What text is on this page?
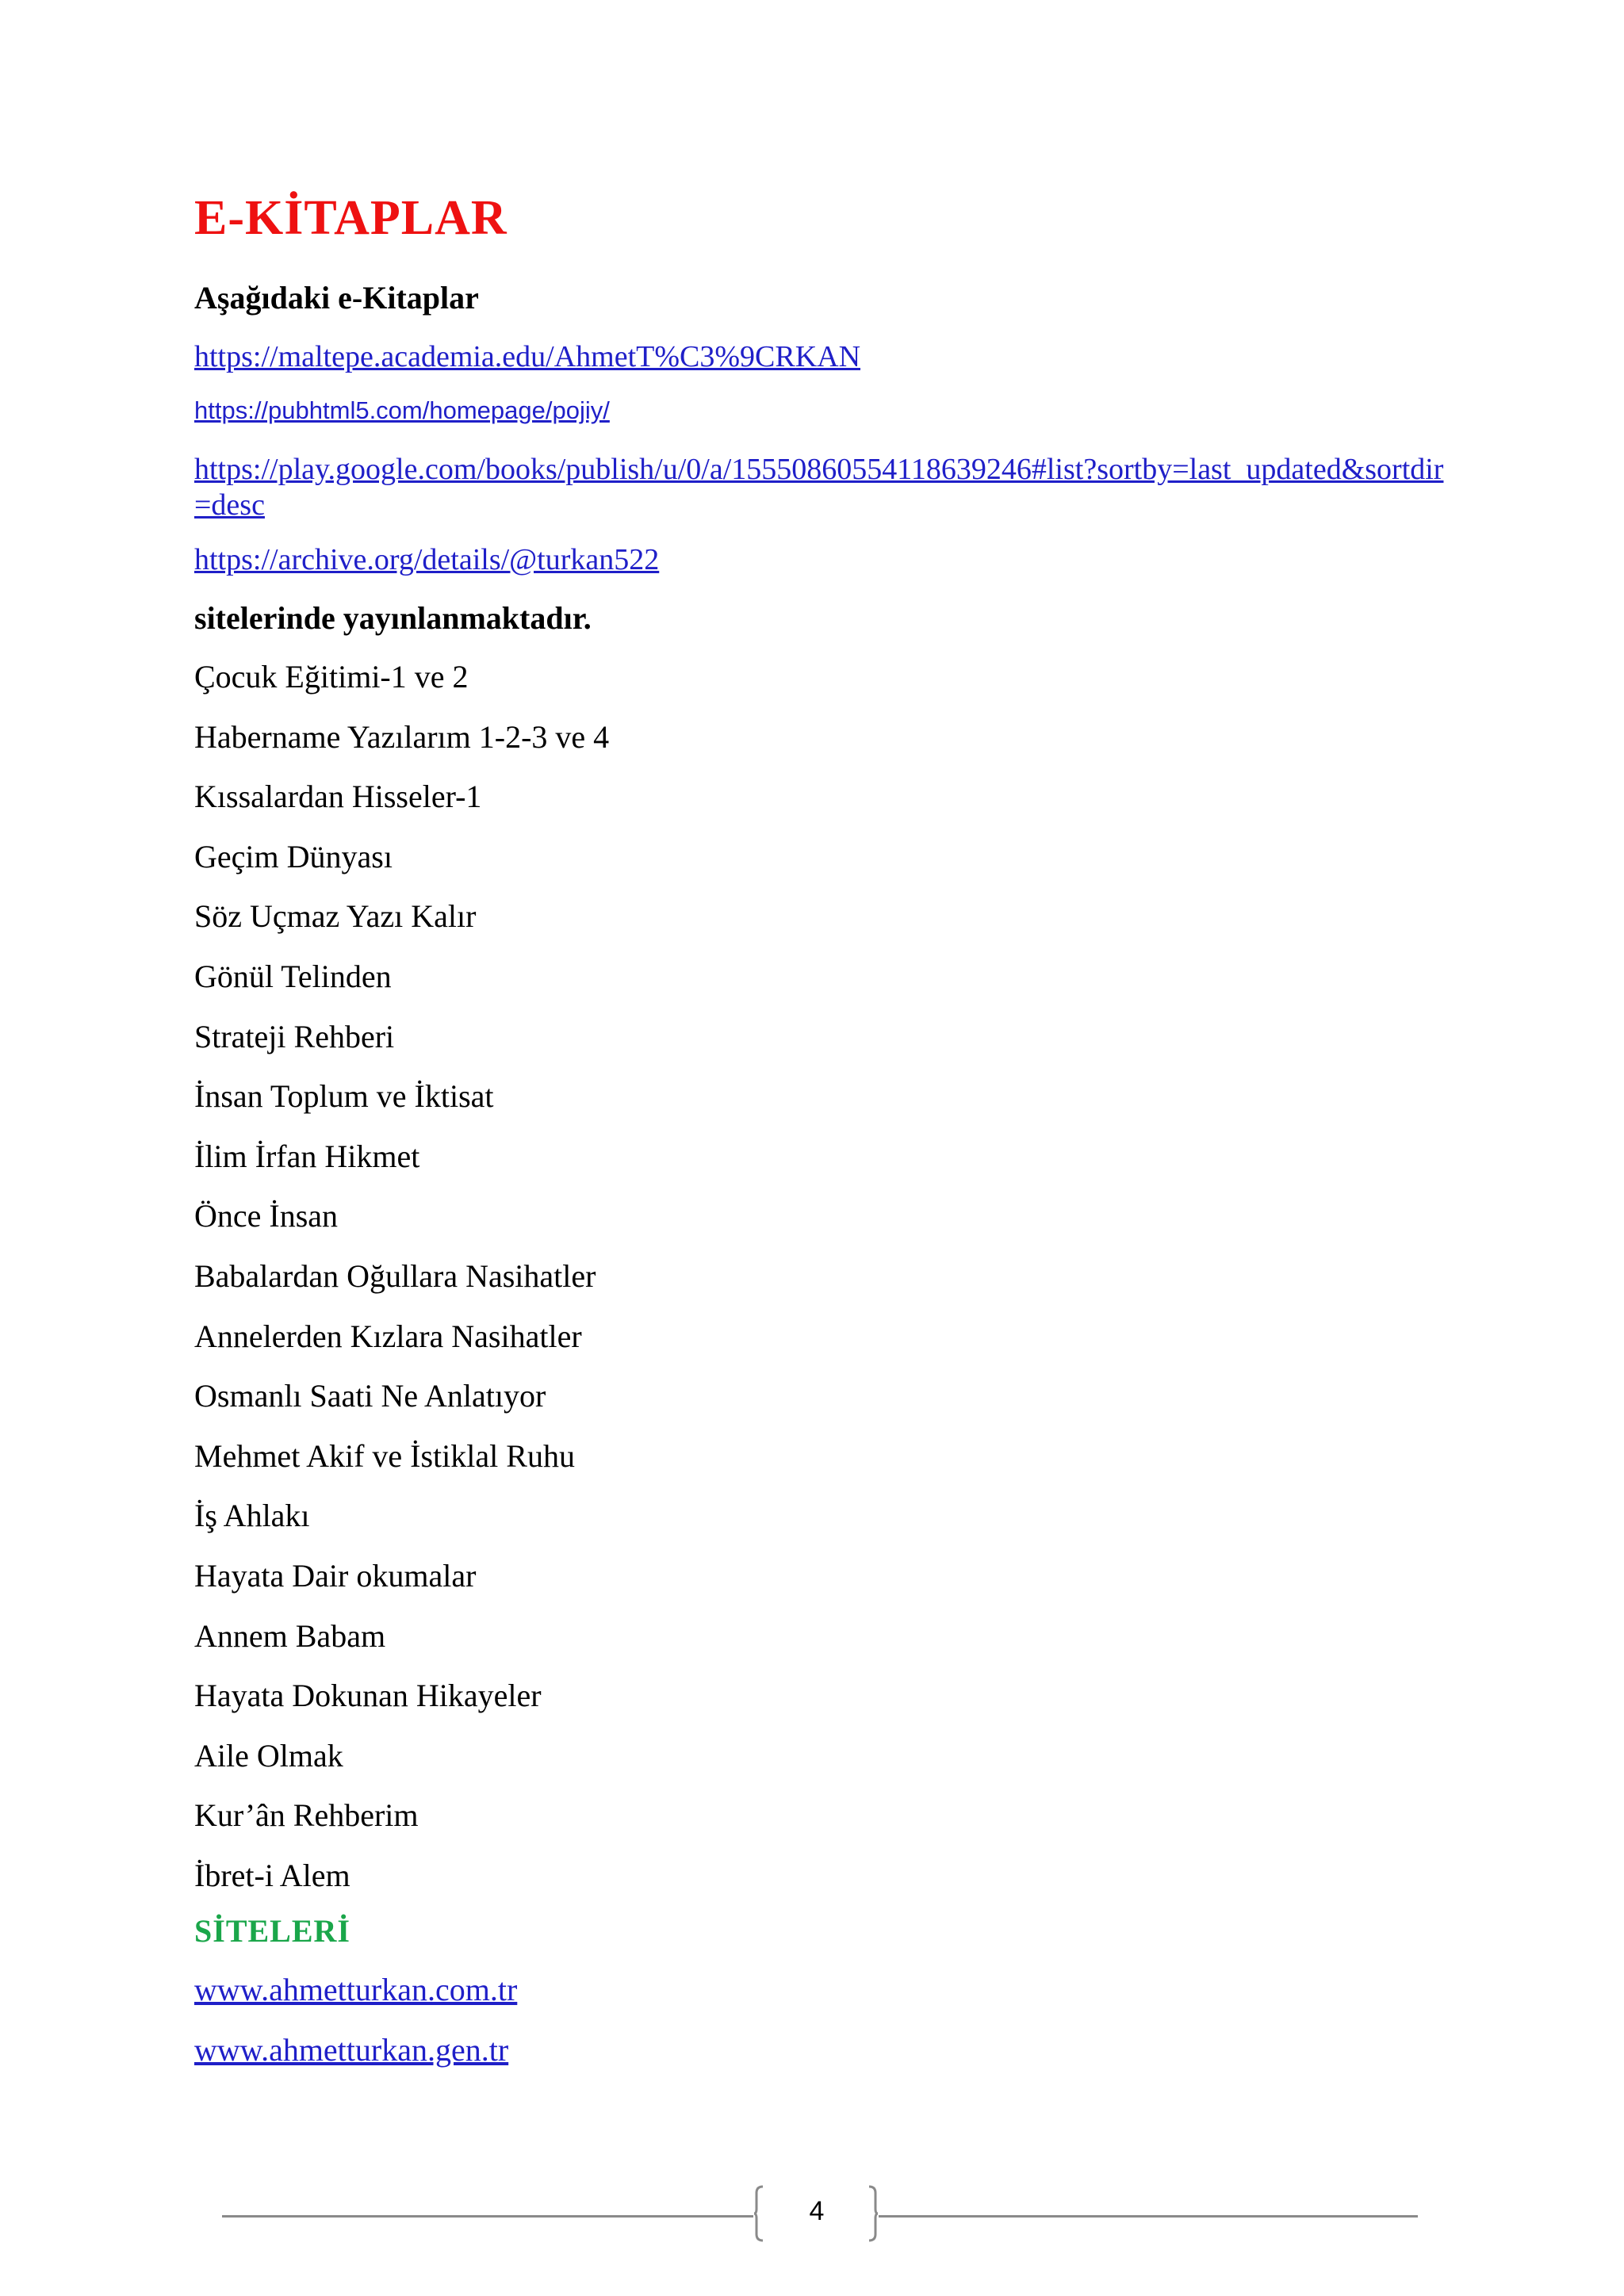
E-KİTAPLAR

Aşağıdaki e-Kitaplar

https://maltepe.academia.edu/AhmetT%C3%9CRKAN
https://pubhtml5.com/homepage/pojiy/
https://play.google.com/books/publish/u/0/a/15550860554118639246#list?sortby=last_updated&sortdir=desc
https://archive.org/details/@turkan522

sitelerinde yayınlanmaktadır.

Çocuk Eğitimi-1 ve 2
Habername Yazılarım 1-2-3 ve 4
Kıssalardan Hisseler-1
Geçim Dünyası
Söz Uçmaz Yazı Kalır
Gönül Telinden
Strateji Rehberi
İnsan Toplum ve İktisat
İlim İrfan Hikmet
Önce İnsan
Babalardan Oğullara Nasihatler
Annelerden Kızlara Nasihatler
Osmanlı Saati Ne Anlatıyor
Mehmet Akif ve İstiklal Ruhu
İş Ahlakı
Hayata Dair okumalar
Annem Babam
Hayata Dokunan Hikayeler
Aile Olmak
Kur’ân Rehberim
İbret-i Alem
SİTELERİ
www.ahmetturkan.com.tr
www.ahmetturkan.gen.tr
4
